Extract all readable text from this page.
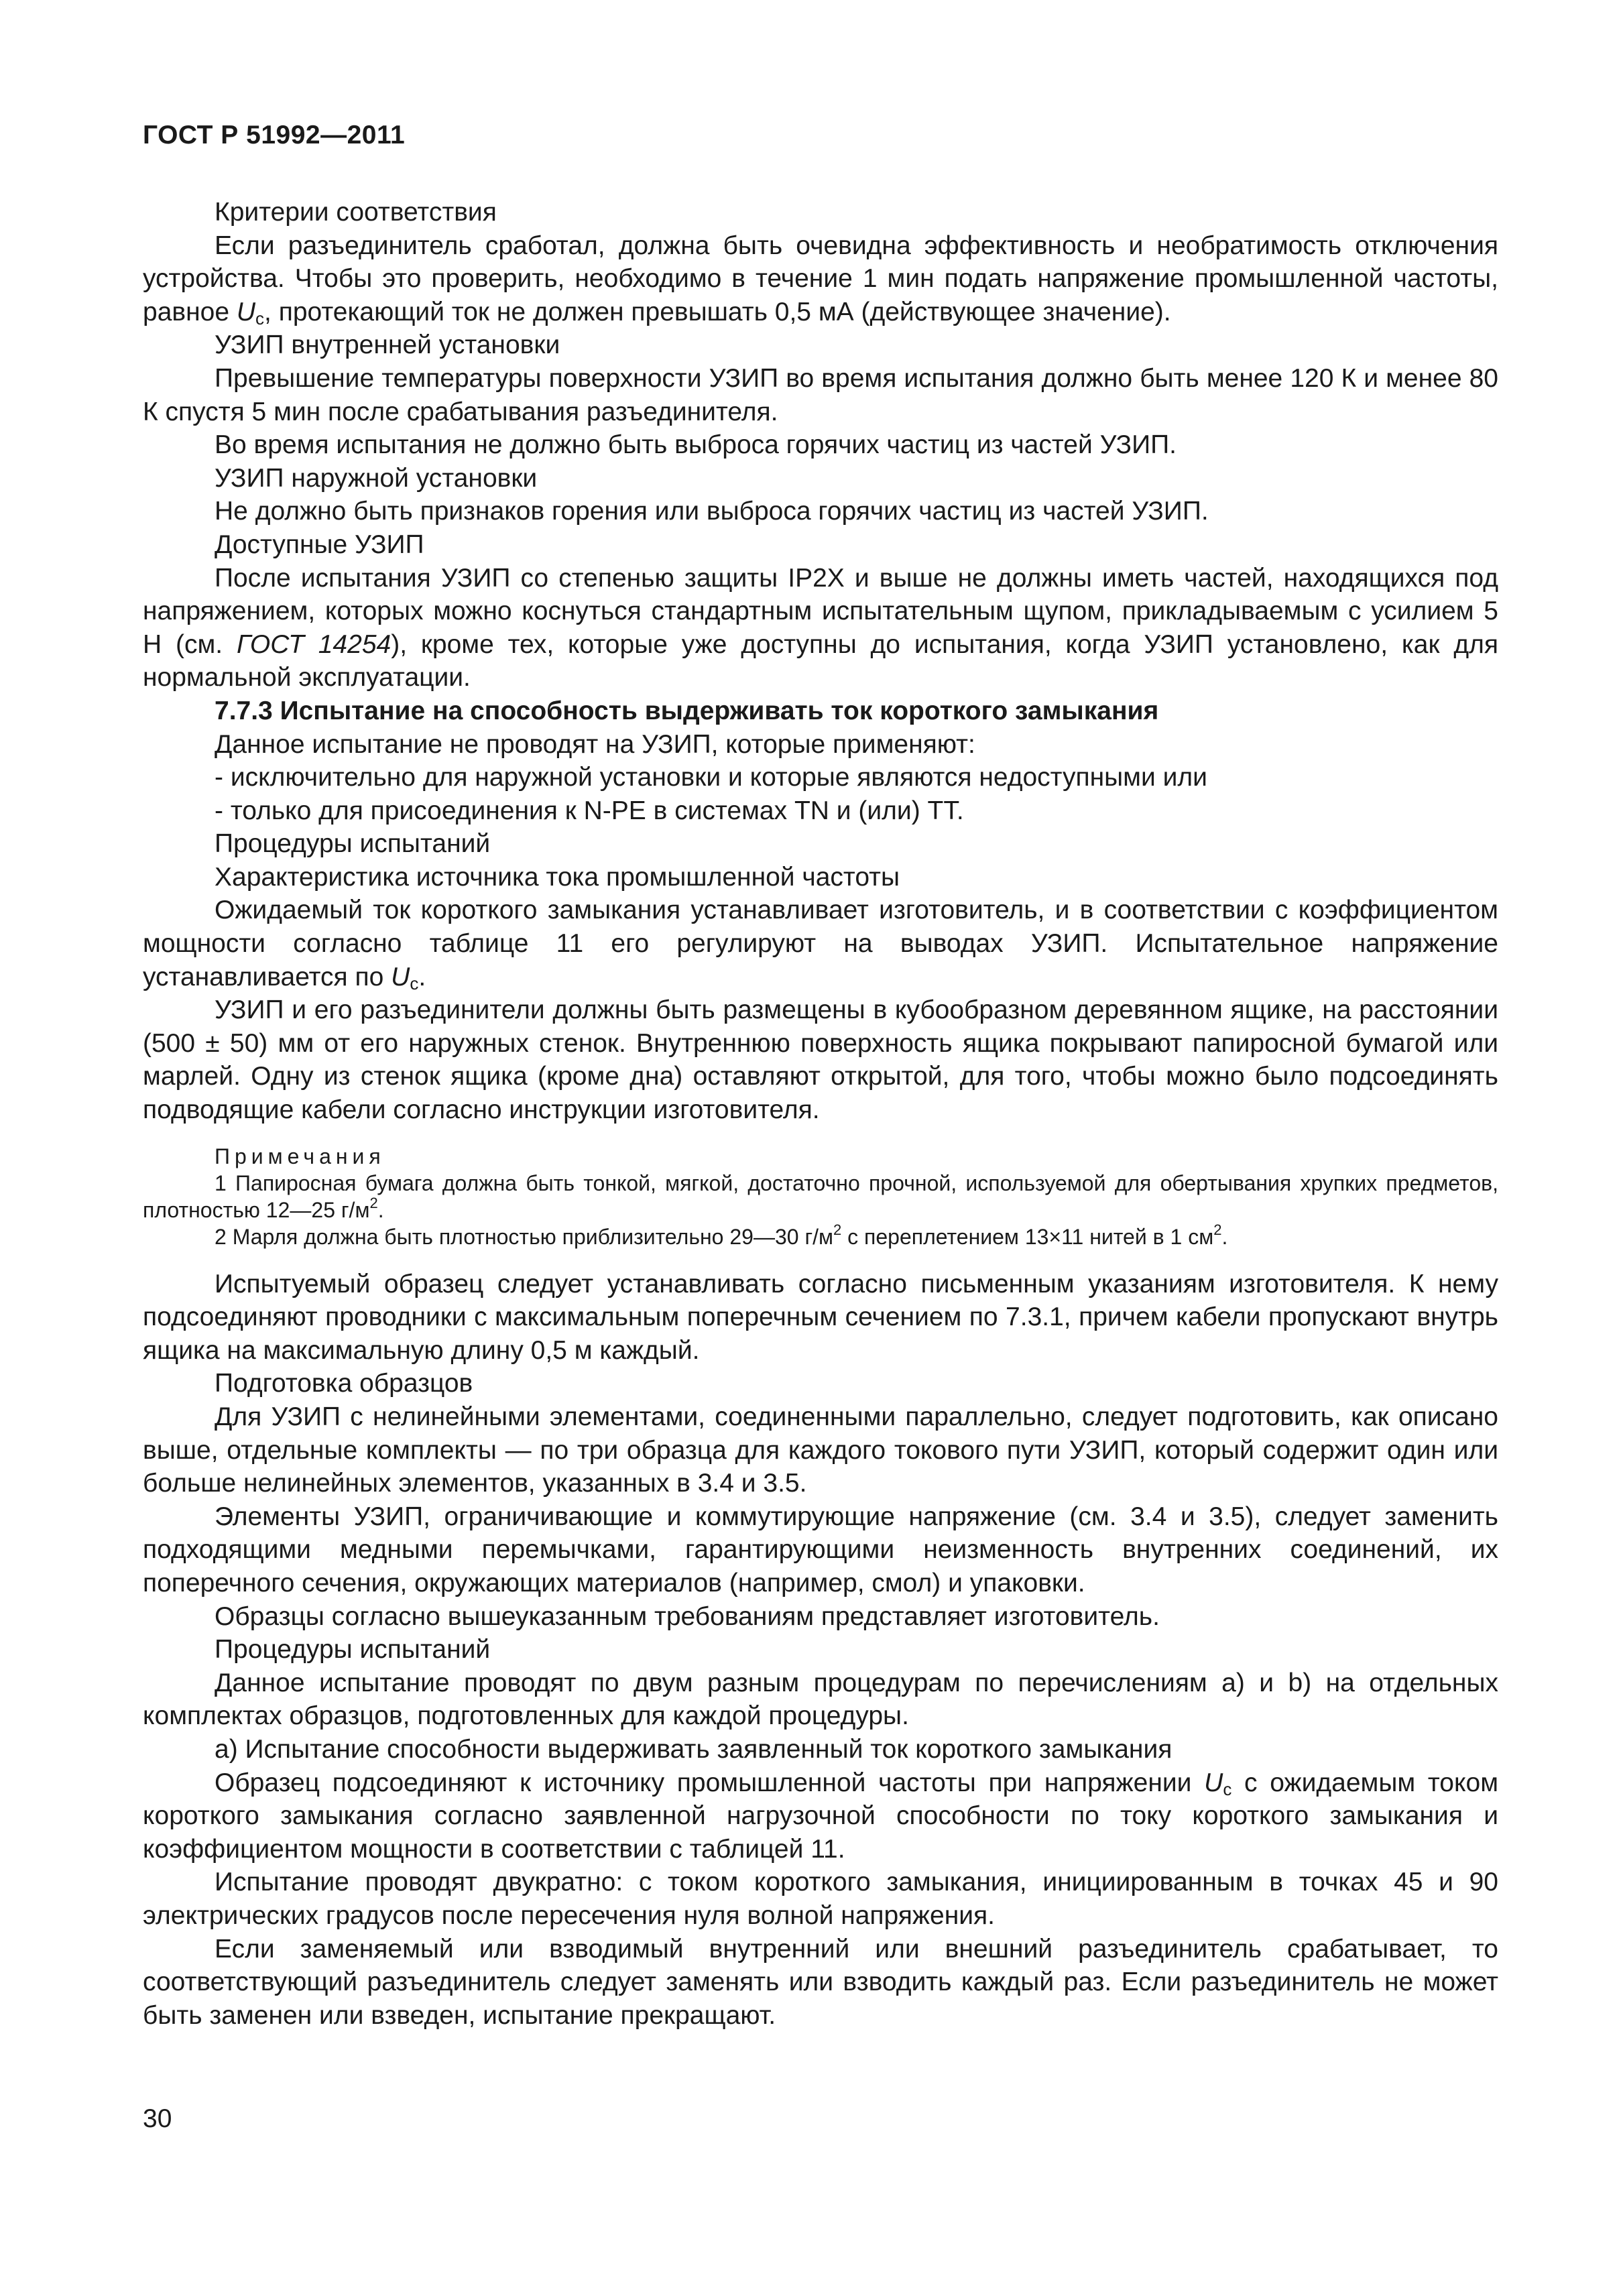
ГОСТ Р 51992—2011

Критерии соответствия

Если разъединитель сработал, должна быть очевидна эффективность и необратимость отключения устройства. Чтобы это проверить, необходимо в течение 1 мин подать напряжение промышленной частоты, равное $U_c$, протекающий ток не должен превышать 0,5 мА (действующее значение).

УЗИП внутренней установки

Превышение температуры поверхности УЗИП во время испытания должно быть менее 120 К и менее 80 К спустя 5 мин после срабатывания разъединителя.

Во время испытания не должно быть выброса горячих частиц из частей УЗИП.

УЗИП наружной установки

Не должно быть признаков горения или выброса горячих частиц из частей УЗИП.

Доступные УЗИП

После испытания УЗИП со степенью защиты IP2X и выше не должны иметь частей, находящихся под напряжением, которых можно коснуться стандартным испытательным щупом, прикладываемым с усилием 5 Н (см. ГОСТ 14254), кроме тех, которые уже доступны до испытания, когда УЗИП установлено, как для нормальной эксплуатации.

7.7.3 Испытание на способность выдерживать ток короткого замыкания

Данное испытание не проводят на УЗИП, которые применяют:

- исключительно для наружной установки и которые являются недоступными или

- только для присоединения к N-PE в системах TN и (или) TT.

Процедуры испытаний

Характеристика источника тока промышленной частоты

Ожидаемый ток короткого замыкания устанавливает изготовитель, и в соответствии с коэффициентом мощности согласно таблице 11 его регулируют на выводах УЗИП. Испытательное напряжение устанавливается по $U_c$.

УЗИП и его разъединители должны быть размещены в кубообразном деревянном ящике, на расстоянии (500 ± 50) мм от его наружных стенок. Внутреннюю поверхность ящика покрывают папиросной бумагой или марлей. Одну из стенок ящика (кроме дна) оставляют открытой, для того, чтобы можно было подсоединять подводящие кабели согласно инструкции изготовителя.

Примечания

1 Папиросная бумага должна быть тонкой, мягкой, достаточно прочной, используемой для обертывания хрупких предметов, плотностью 12—25 $г/м^2$.

2 Марля должна быть плотностью приблизительно 29—30 $г/м^2$ с переплетением 13×11 нитей в 1 $см^2$.

Испытуемый образец следует устанавливать согласно письменным указаниям изготовителя. К нему подсоединяют проводники с максимальным поперечным сечением по 7.3.1, причем кабели пропускают внутрь ящика на максимальную длину 0,5 м каждый.

Подготовка образцов

Для УЗИП с нелинейными элементами, соединенными параллельно, следует подготовить, как описано выше, отдельные комплекты — по три образца для каждого токового пути УЗИП, который содержит один или больше нелинейных элементов, указанных в 3.4 и 3.5.

Элементы УЗИП, ограничивающие и коммутирующие напряжение (см. 3.4 и 3.5), следует заменить подходящими медными перемычками, гарантирующими неизменность внутренних соединений, их поперечного сечения, окружающих материалов (например, смол) и упаковки.

Образцы согласно вышеуказанным требованиям представляет изготовитель.

Процедуры испытаний

Данное испытание проводят по двум разным процедурам по перечислениям a) и b) на отдельных комплектах образцов, подготовленных для каждой процедуры.

а) Испытание способности выдерживать заявленный ток короткого замыкания

Образец подсоединяют к источнику промышленной частоты при напряжении $U_c$ с ожидаемым током короткого замыкания согласно заявленной нагрузочной способности по току короткого замыкания и коэффициентом мощности в соответствии с таблицей 11.

Испытание проводят двукратно: с током короткого замыкания, инициированным в точках 45 и 90 электрических градусов после пересечения нуля волной напряжения.

Если заменяемый или взводимый внутренний или внешний разъединитель срабатывает, то соответствующий разъединитель следует заменять или взводить каждый раз. Если разъединитель не может быть заменен или взведен, испытание прекращают.

30
